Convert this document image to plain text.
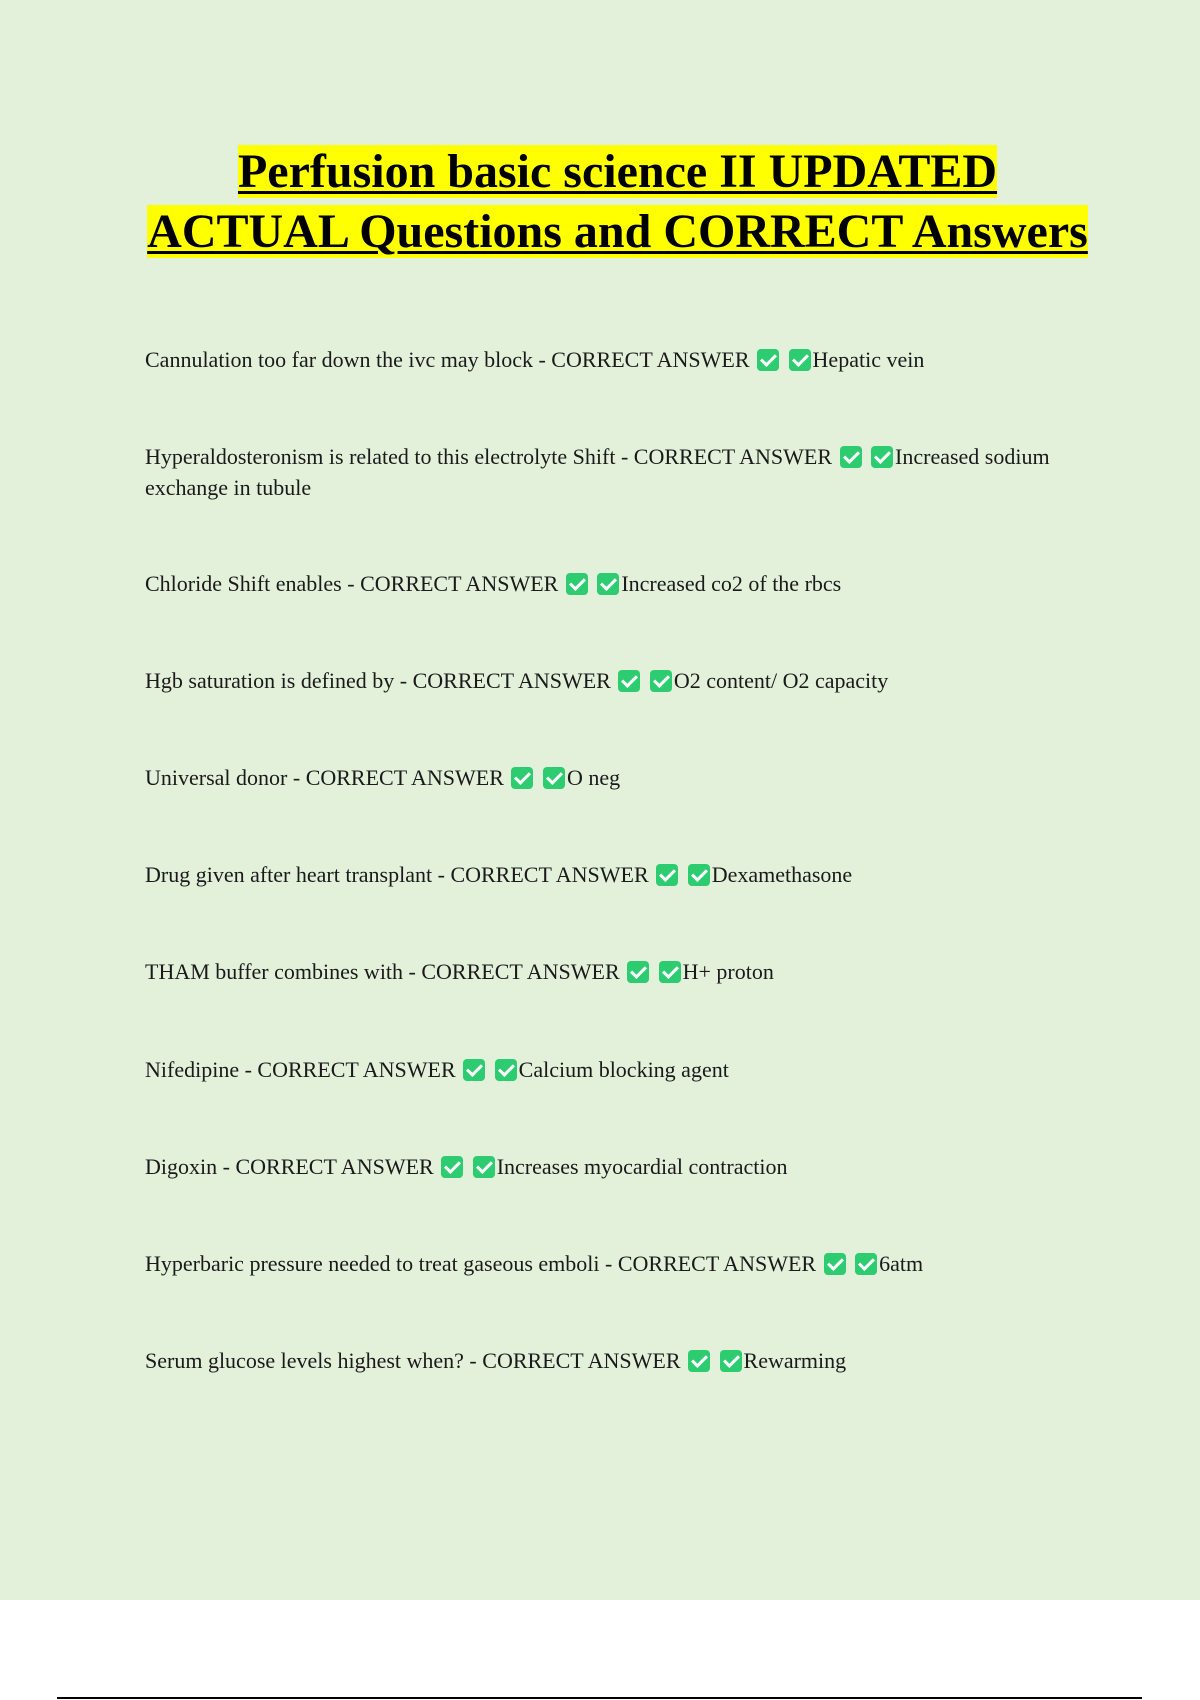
Perfusion basic science II UPDATED ACTUAL Questions and CORRECT Answers
Cannulation too far down the ivc may block - CORRECT ANSWER	Hepatic vein
Hyperaldosteronism is related to this electrolyte Shift - CORRECT ANSWER	Increased sodium exchange in tubule
Chloride Shift enables - CORRECT ANSWER	Increased co2 of the rbcs
Hgb saturation is defined by - CORRECT ANSWER	O2 content/ O2 capacity
Universal donor - CORRECT ANSWER	O neg
Drug given after heart transplant - CORRECT ANSWER	Dexamethasone
THAM buffer combines with - CORRECT ANSWER	H+ proton
Nifedipine - CORRECT ANSWER	Calcium blocking agent
Digoxin - CORRECT ANSWER	Increases myocardial contraction
Hyperbaric pressure needed to treat gaseous emboli - CORRECT ANSWER	6atm
Serum glucose levels highest when? - CORRECT ANSWER	Rewarming
